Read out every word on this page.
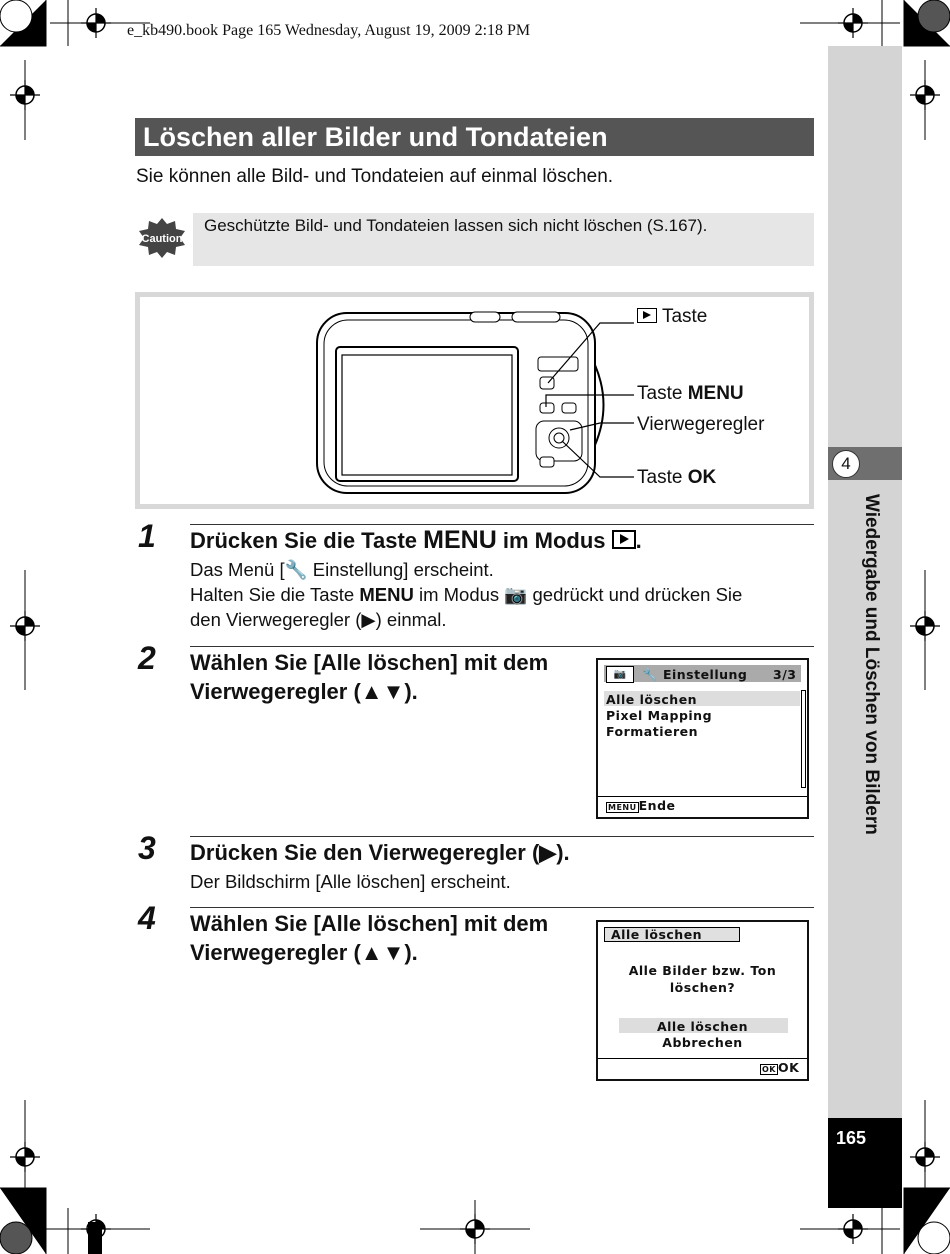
e_kb490.book Page 165 Wednesday, August 19, 2009 2:18 PM
4
Wiedergabe und Löschen von Bildern
165
Löschen aller Bilder und Tondateien
Sie können alle Bild- und Tondateien auf einmal löschen.
Caution
Geschützte Bild- und Tondateien lassen sich nicht löschen (S.167).
Taste
Taste MENU
Vierwegeregler
Taste OK
1 Drücken Sie die Taste MENU im Modus .
Das Menü [🔧 Einstellung] erscheint.
Halten Sie die Taste MENU im Modus 📷 gedrückt und drücken Sie
den Vierwegeregler (▶) einmal.
2 Wählen Sie [Alle löschen] mit dem
Vierwegeregler (▲▼).
📷	🔧 Einstellung 3/3
Alle löschen
Pixel Mapping
Formatieren
MENU Ende
3 Drücken Sie den Vierwegeregler (▶).
Der Bildschirm [Alle löschen] erscheint.
4 Wählen Sie [Alle löschen] mit dem
Vierwegeregler (▲▼).
Alle löschen
Alle Bilder bzw. Ton
löschen?
Alle löschen
Abbrechen
OK OK
